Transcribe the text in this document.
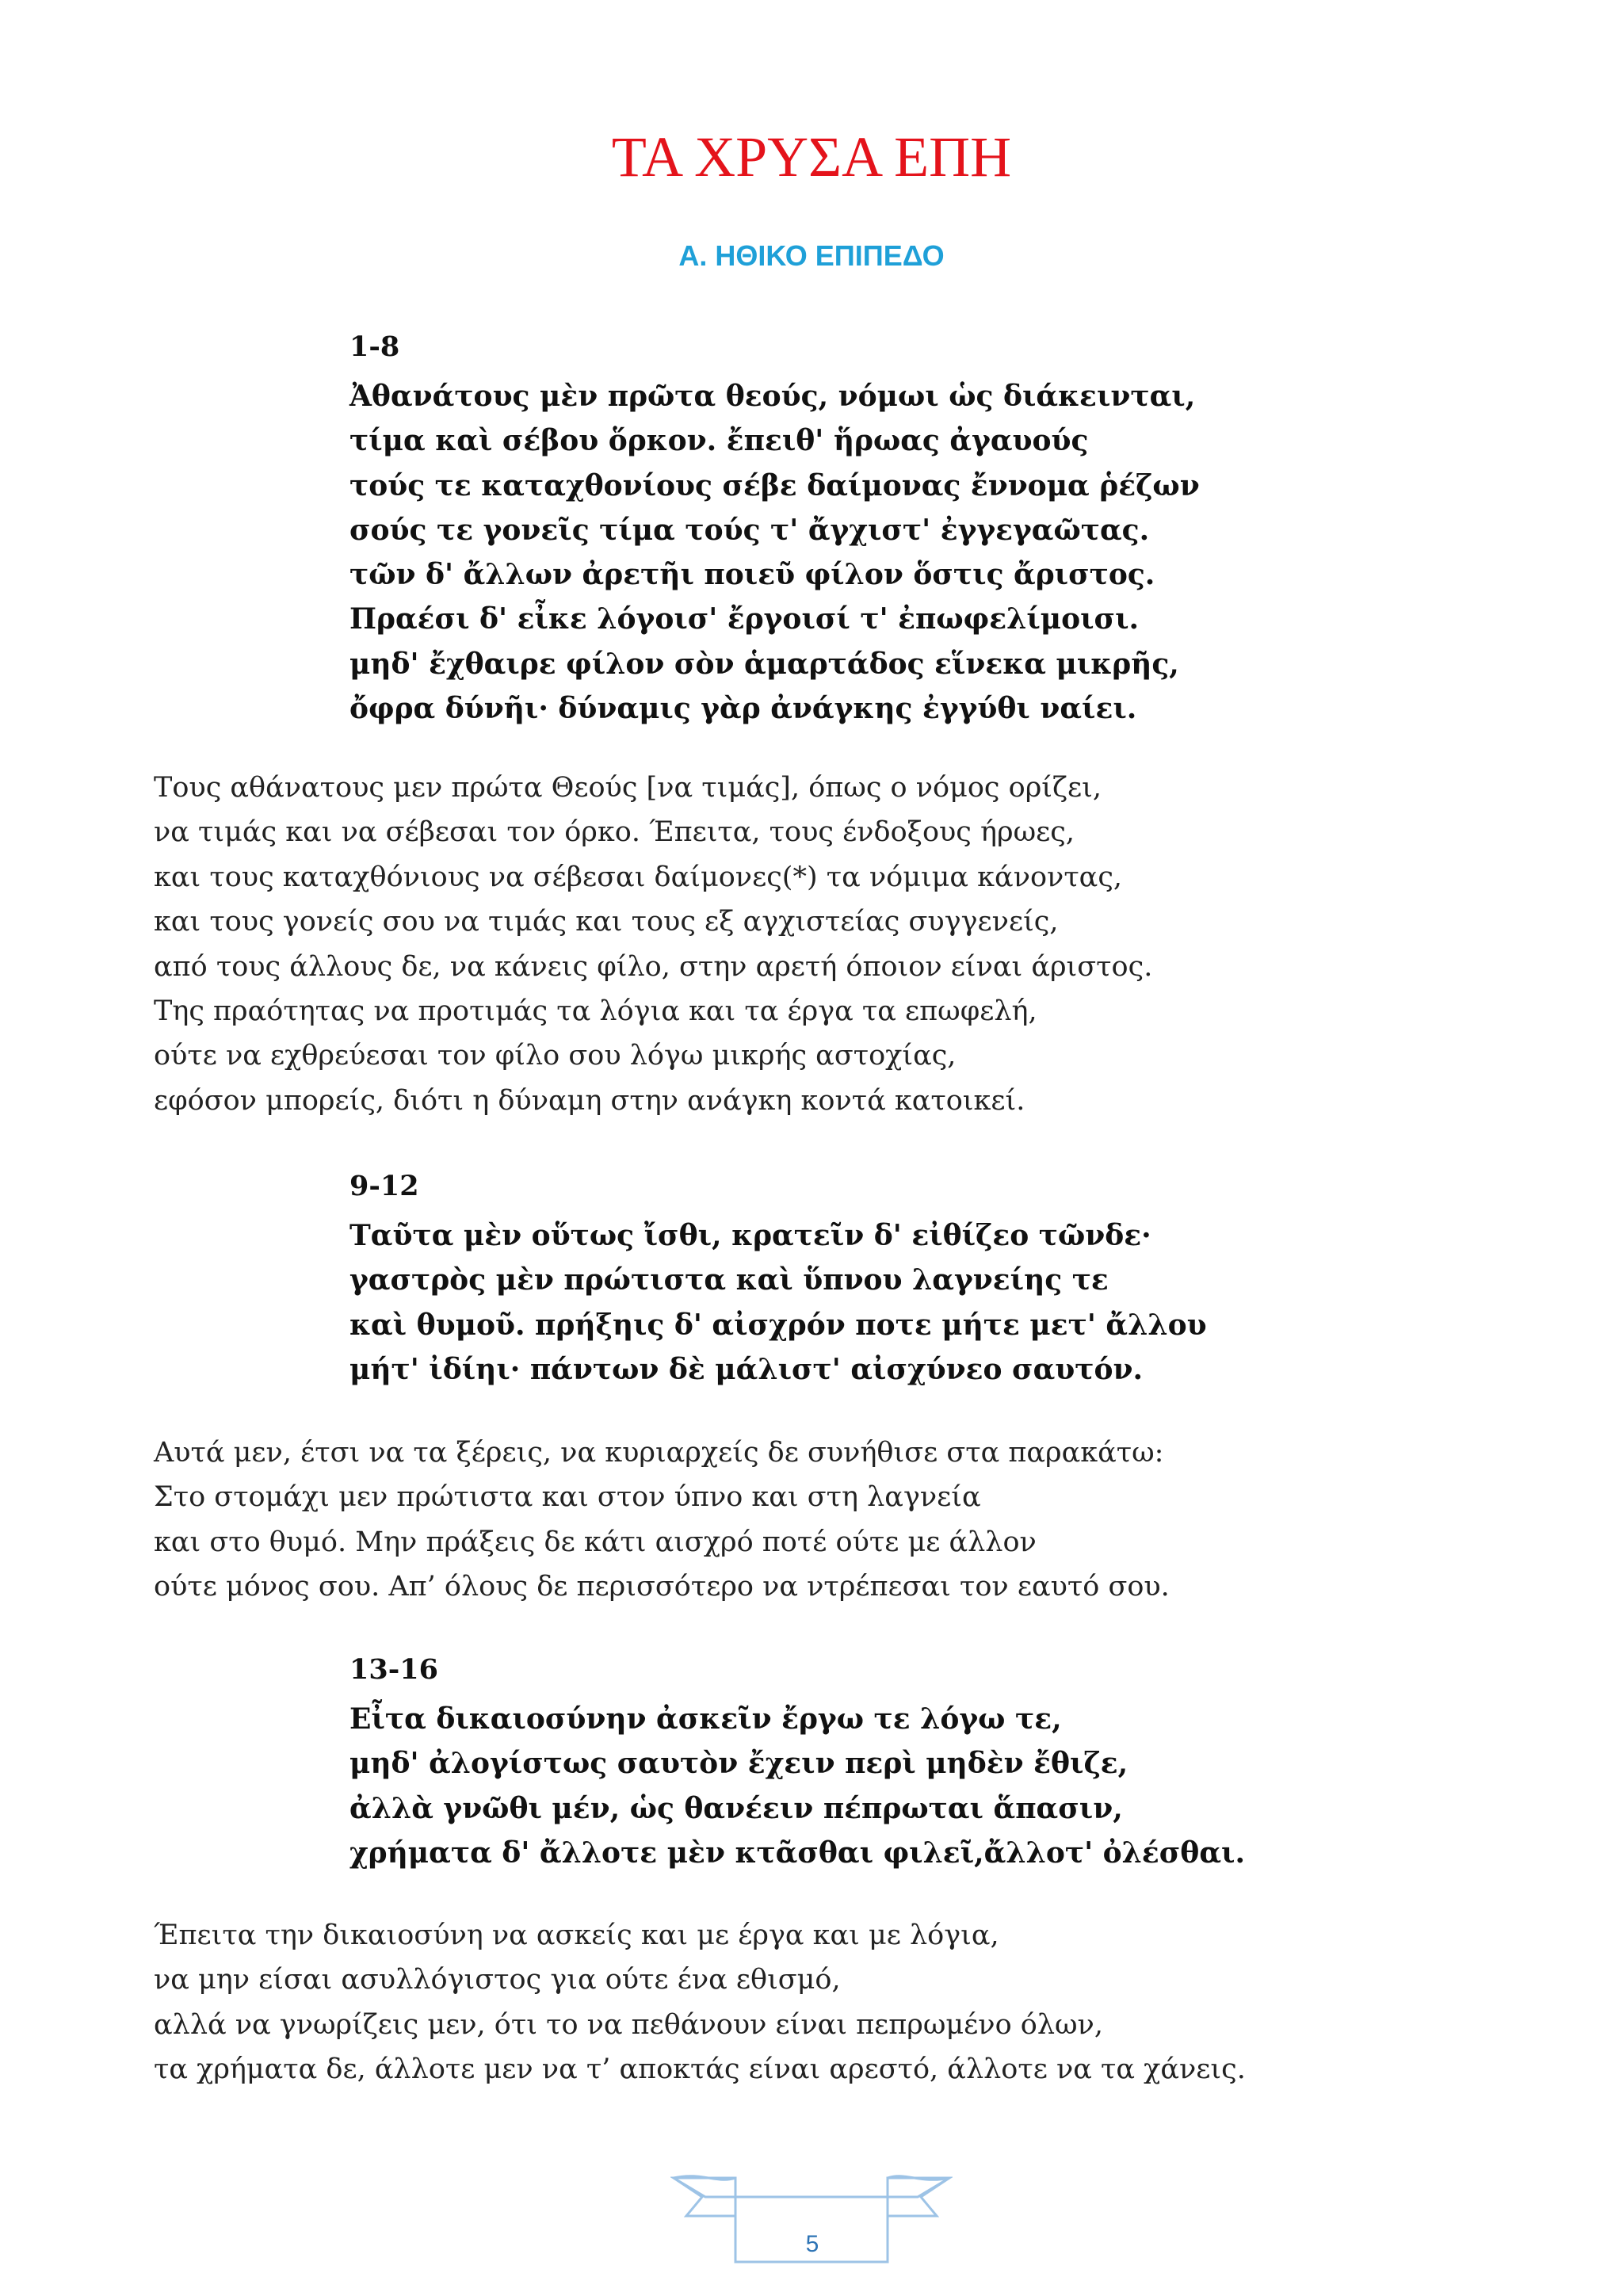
ΤΑ ΧΡΥΣΑ ΕΠΗ
Α. ΗΘΙΚΟ ΕΠΙΠΕΔΟ
1-8
Ἀθανάτους μὲν πρῶτα θεούς, νόμωι ὡς διάκεινται,
τίμα καὶ σέβου ὅρκον. ἔπειθ' ἥρωας ἀγαυούς
τούς τε καταχθονίους σέβε δαίμονας ἔννομα ῥέζων
σούς τε γονεῖς τίμα τούς τ' ἄγχιστ' ἐγγεγαῶτας.
τῶν δ' ἄλλων ἀρετῆι ποιεῦ φίλον ὅστις ἄριστος.
Πραέσι δ' εἶκε λόγοισ' ἔργοισί τ' ἐπωφελίμοισι.
μηδ' ἔχθαιρε φίλον σὸν ἁμαρτάδος εἵνεκα μικρῆς,
ὄφρα δύνῆι· δύναμις γὰρ ἀνάγκης ἐγγύθι ναίει.
Τους αθάνατους μεν πρώτα Θεούς [να τιμάς], όπως ο νόμος ορίζει,
να τιμάς και να σέβεσαι τον όρκο. Έπειτα, τους ένδοξους ήρωες,
και τους καταχθόνιους να σέβεσαι δαίμονες(*) τα νόμιμα κάνοντας,
και τους γονείς σου να τιμάς και τους εξ αγχιστείας συγγενείς,
από τους άλλους δε, να κάνεις φίλο, στην αρετή όποιον είναι άριστος.
Της πραότητας να προτιμάς τα λόγια και τα έργα τα επωφελή,
ούτε να εχθρεύεσαι τον φίλο σου λόγω μικρής αστοχίας,
εφόσον μπορείς, διότι η δύναμη στην ανάγκη κοντά κατοικεί.
9-12
Ταῦτα μὲν οὕτως ἴσθι, κρατεῖν δ' εἰθίζεο τῶνδε·
γαστρὸς μὲν πρώτιστα καὶ ὕπνου λαγνείης τε
καὶ θυμοῦ. πρήξηις δ' αἰσχρόν ποτε μήτε μετ' ἄλλου
μήτ' ἰδίηι· πάντων δὲ μάλιστ' αἰσχύνεο σαυτόν.
Αυτά μεν, έτσι να τα ξέρεις, να κυριαρχείς δε συνήθισε στα παρακάτω:
Στο στομάχι μεν πρώτιστα και στον ύπνο και στη λαγνεία
και στο θυμό. Μην πράξεις δε κάτι αισχρό ποτέ ούτε με άλλον
ούτε μόνος σου. Απ’ όλους δε περισσότερο να ντρέπεσαι τον εαυτό σου.
13-16
Εἶτα δικαιοσύνην ἀσκεῖν ἔργω τε λόγω τε,
μηδ' ἀλογίστως σαυτὸν ἔχειν περὶ μηδὲν ἔθιζε,
ἀλλὰ γνῶθι μέν, ὡς θανέειν πέπρωται ἅπασιν,
χρήματα δ' ἄλλοτε μὲν κτᾶσθαι φιλεῖ,ἄλλοτ' ὀλέσθαι.
Έπειτα την δικαιοσύνη να ασκείς και με έργα και με λόγια,
να μην είσαι ασυλλόγιστος για ούτε ένα εθισμό,
αλλά να γνωρίζεις μεν, ότι το να πεθάνουν είναι πεπρωμένο όλων,
τα χρήματα δε, άλλοτε μεν να τ’ αποκτάς είναι αρεστό, άλλοτε να τα χάνεις.
5
